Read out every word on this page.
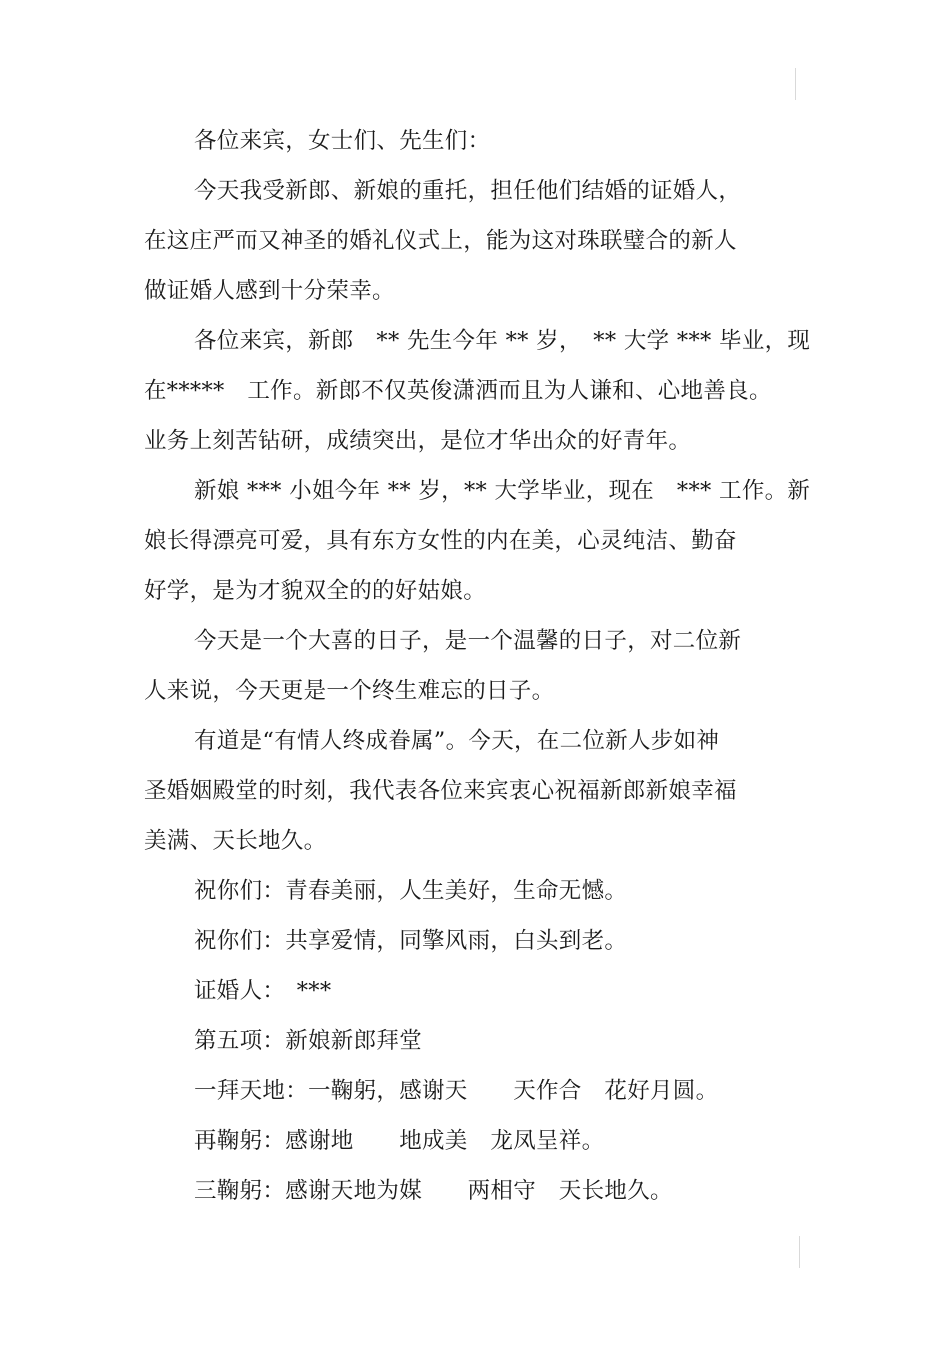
各位来宾，女士们、先生们：
今天我受新郎、新娘的重托，担任他们结婚的证婚人，
在这庄严而又神圣的婚礼仪式上，能为这对珠联璧合的新人
做证婚人感到十分荣幸。
各位来宾，新郎　** 先生今年 ** 岁，　** 大学 *** 毕业，现
在*****　工作。新郎不仅英俊潇洒而且为人谦和、心地善良。
业务上刻苦钻研，成绩突出，是位才华出众的好青年。
新娘 *** 小姐今年 ** 岁，** 大学毕业，现在　*** 工作。新
娘长得漂亮可爱，具有东方女性的内在美，心灵纯洁、勤奋
好学，是为才貌双全的的好姑娘。
今天是一个大喜的日子，是一个温馨的日子，对二位新
人来说，今天更是一个终生难忘的日子。
有道是“有情人终成眷属”。今天，在二位新人步如神
圣婚姻殿堂的时刻，我代表各位来宾衷心祝福新郎新娘幸福
美满、天长地久。
祝你们：青春美丽，人生美好，生命无憾。
祝你们：共享爱情，同擎风雨，白头到老。
证婚人：　***
第五项：新娘新郎拜堂
一拜天地：一鞠躬，感谢天　　天作合　花好月圆。
再鞠躬：感谢地　　地成美　龙凤呈祥。
三鞠躬：感谢天地为媒　　两相守　天长地久。
